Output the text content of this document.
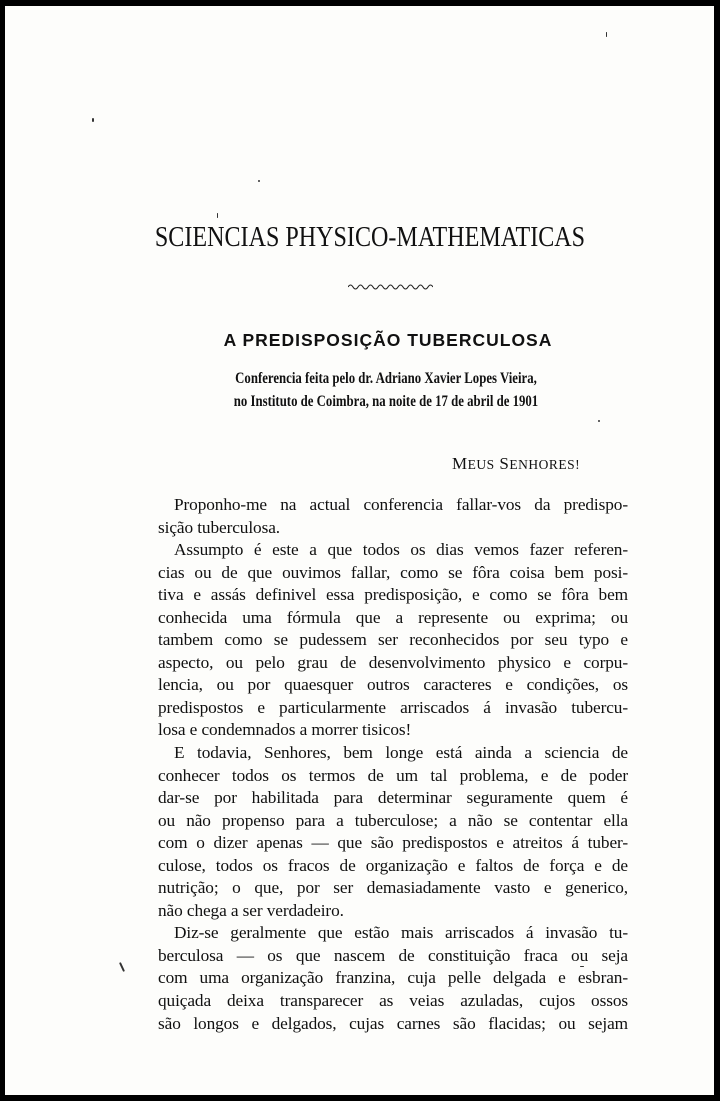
SCIENCIAS PHYSICO-MATHEMATICAS
A PREDISPOSIÇÃO TUBERCULOSA
Conferencia feita pelo dr. Adriano Xavier Lopes Vieira,
no Instituto de Coimbra, na noite de 17 de abril de 1901
MEUS SENHORES!
Proponho-me na actual conferencia fallar-vos da predispo-
sição tuberculosa.
Assumpto é este a que todos os dias vemos fazer referen-
cias ou de que ouvimos fallar, como se fôra coisa bem posi-
tiva e assás definivel essa predisposição, e como se fôra bem
conhecida uma fórmula que a represente ou exprima; ou
tambem como se pudessem ser reconhecidos por seu typo e
aspecto, ou pelo grau de desenvolvimento physico e corpu-
lencia, ou por quaesquer outros caracteres e condições, os
predispostos e particularmente arriscados á invasão tubercu-
losa e condemnados a morrer tisicos!
E todavia, Senhores, bem longe está ainda a sciencia de
conhecer todos os termos de um tal problema, e de poder
dar-se por habilitada para determinar seguramente quem é
ou não propenso para a tuberculose; a não se contentar ella
com o dizer apenas — que são predispostos e atreitos á tuber-
culose, todos os fracos de organização e faltos de força e de
nutrição; o que, por ser demasiadamente vasto e generico,
não chega a ser verdadeiro.
Diz-se geralmente que estão mais arriscados á invasão tu-
berculosa — os que nascem de constituição fraca ou seja
com uma organização franzina, cuja pelle delgada e esbran-
quiçada deixa transparecer as veias azuladas, cujos ossos
são longos e delgados, cujas carnes são flacidas; ou sejam
